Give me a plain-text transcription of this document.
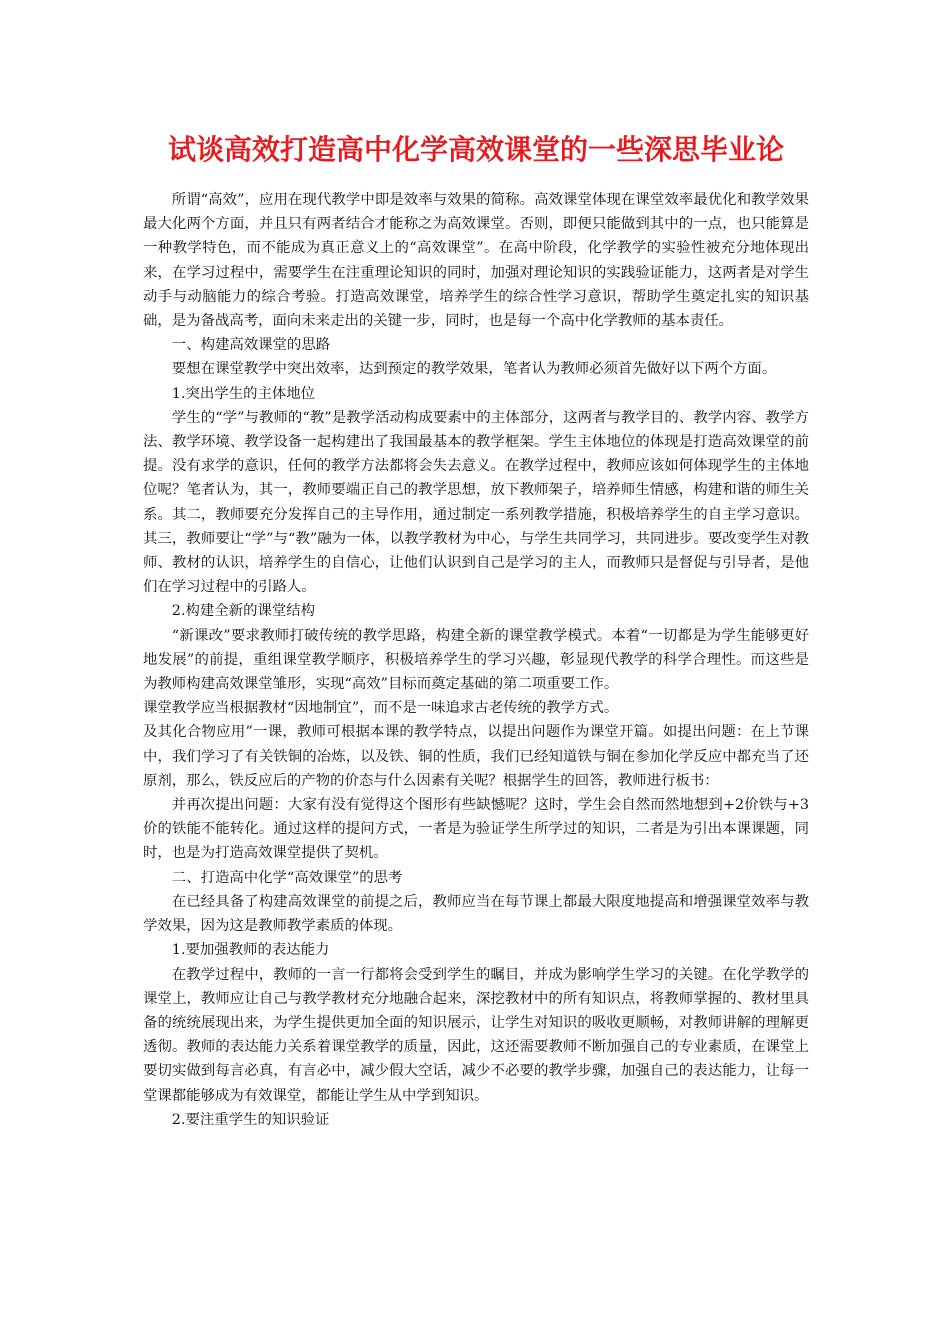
试谈高效打造高中化学高效课堂的一些深思毕业论

所谓“高效”，应用在现代教学中即是效率与效果的简称。高效课堂体现在课堂效率最优化和教学效果最大化两个方面，并且只有两者结合才能称之为高效课堂。否则，即便只能做到其中的一点，也只能算是一种教学特色，而不能成为真正意义上的“高效课堂”。在高中阶段，化学教学的实验性被充分地体现出来，在学习过程中，需要学生在注重理论知识的同时，加强对理论知识的实践验证能力，这两者是对学生动手与动脑能力的综合考验。打造高效课堂，培养学生的综合性学习意识，帮助学生奠定扎实的知识基础，是为备战高考，面向未来走出的关键一步，同时，也是每一个高中化学教师的基本责任。

一、构建高效课堂的思路

要想在课堂教学中突出效率，达到预定的教学效果，笔者认为教师必须首先做好以下两个方面。

1.突出学生的主体地位

学生的“学”与教师的“教”是教学活动构成要素中的主体部分，这两者与教学目的、教学内容、教学方法、教学环境、教学设备一起构建出了我国最基本的教学框架。学生主体地位的体现是打造高效课堂的前提。没有求学的意识，任何的教学方法都将会失去意义。在教学过程中，教师应该如何体现学生的主体地位呢？笔者认为，其一，教师要端正自己的教学思想，放下教师架子，培养师生情感，构建和谐的师生关系。其二，教师要充分发挥自己的主导作用，通过制定一系列教学措施，积极培养学生的自主学习意识。其三，教师要让“学”与“教”融为一体，以教学教材为中心，与学生共同学习，共同进步。要改变学生对教师、教材的认识，培养学生的自信心，让他们认识到自己是学习的主人，而教师只是督促与引导者，是他们在学习过程中的引路人。

2.构建全新的课堂结构

“新课改”要求教师打破传统的教学思路，构建全新的课堂教学模式。本着“一切都是为学生能够更好地发展”的前提，重组课堂教学顺序，积极培养学生的学习兴趣，彰显现代教学的科学合理性。而这些是为教师构建高效课堂雏形，实现“高效”目标而奠定基础的第二项重要工作。

课堂教学应当根据教材“因地制宜”，而不是一味追求古老传统的教学方式。

及其化合物应用”一课，教师可根据本课的教学特点，以提出问题作为课堂开篇。如提出问题：在上节课中，我们学习了有关铁铜的冶炼，以及铁、铜的性质，我们已经知道铁与铜在参加化学反应中都充当了还原剂，那么，铁反应后的产物的价态与什么因素有关呢？根据学生的回答，教师进行板书：

并再次提出问题：大家有没有觉得这个图形有些缺憾呢？这时，学生会自然而然地想到+2价铁与+3价的铁能不能转化。通过这样的提问方式，一者是为验证学生所学过的知识，二者是为引出本课课题，同时，也是为打造高效课堂提供了契机。

二、打造高中化学“高效课堂”的思考

在已经具备了构建高效课堂的前提之后，教师应当在每节课上都最大限度地提高和增强课堂效率与教学效果，因为这是教师教学素质的体现。

1.要加强教师的表达能力

在教学过程中，教师的一言一行都将会受到学生的瞩目，并成为影响学生学习的关键。在化学教学的课堂上，教师应让自己与教学教材充分地融合起来，深挖教材中的所有知识点，将教师掌握的、教材里具备的统统展现出来，为学生提供更加全面的知识展示，让学生对知识的吸收更顺畅，对教师讲解的理解更透彻。教师的表达能力关系着课堂教学的质量，因此，这还需要教师不断加强自己的专业素质，在课堂上要切实做到每言必真，有言必中，减少假大空话，减少不必要的教学步骤，加强自己的表达能力，让每一堂课都能够成为有效课堂，都能让学生从中学到知识。

2.要注重学生的知识验证
